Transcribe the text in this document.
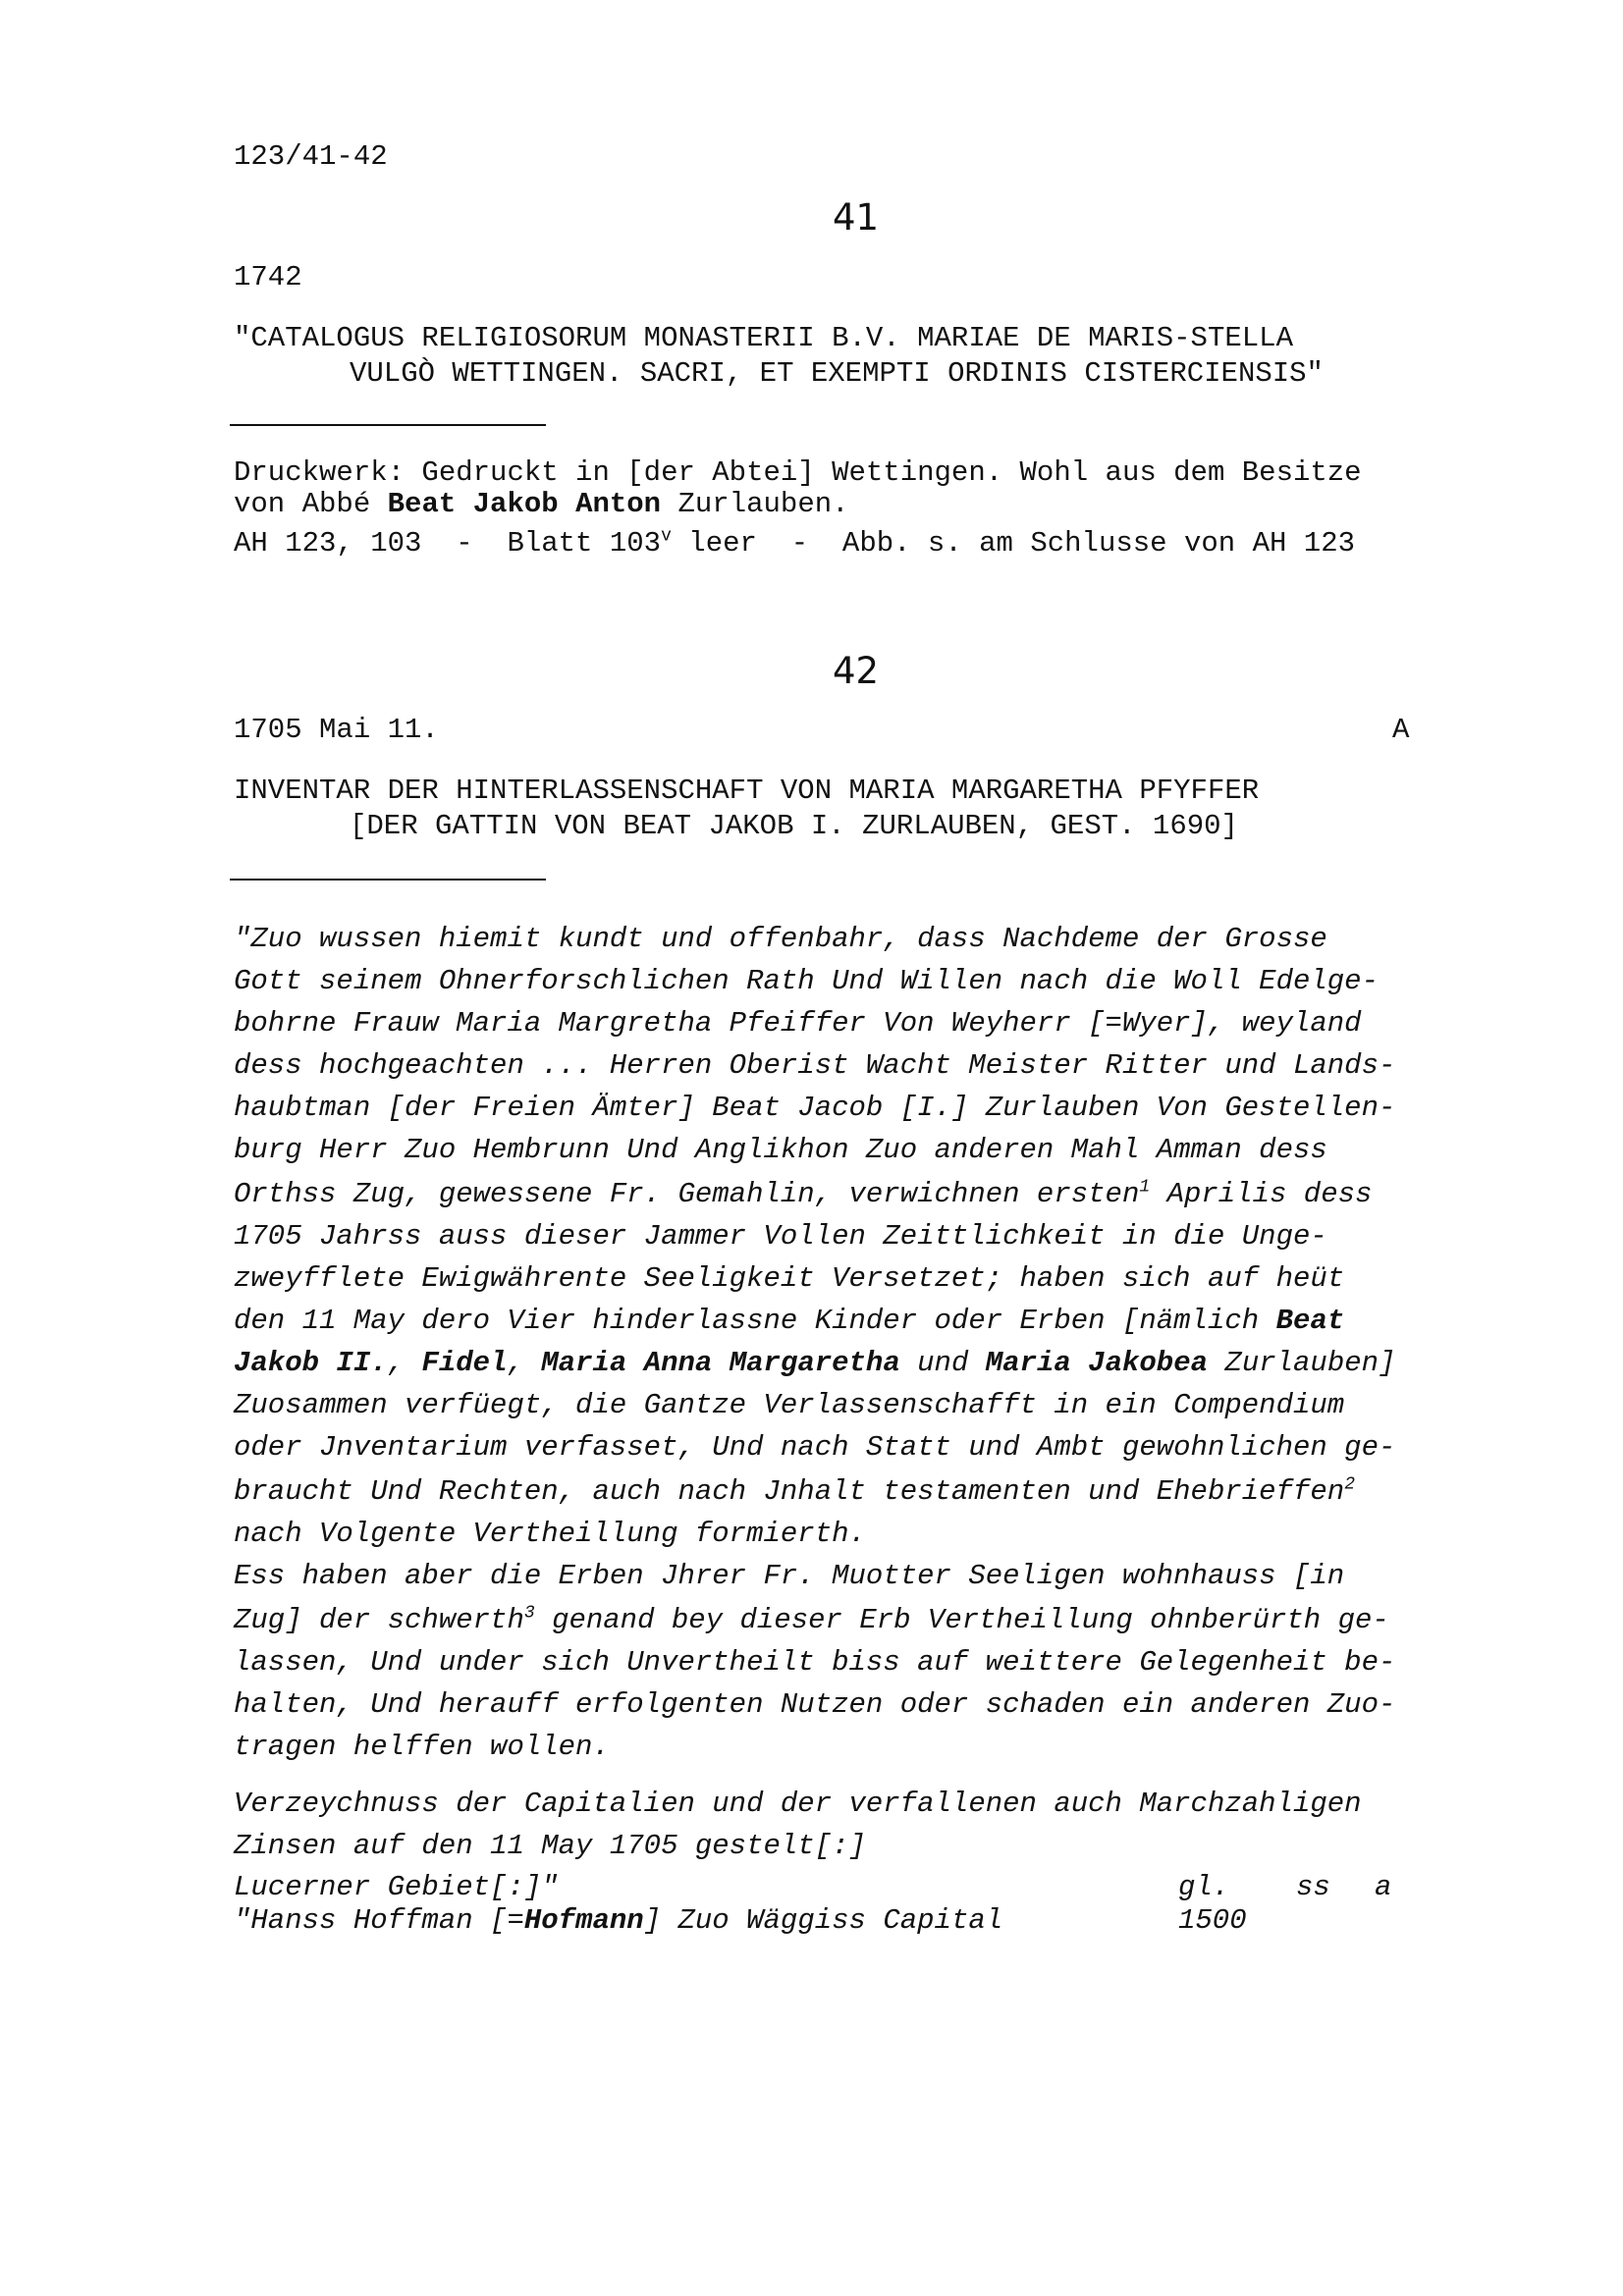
123/41-42
41
1742
"CATALOGUS RELIGIOSORUM MONASTERII B.V. MARIAE DE MARIS-STELLA
VULGÒ WETTINGEN. SACRI, ET EXEMPTI ORDINIS CISTERCIENSIS"
Druckwerk: Gedruckt in [der Abtei] Wettingen. Wohl aus dem Besitze
von Abbé Beat Jakob Anton Zurlauben.
AH 123, 103  -  Blatt 103$^v$ leer  -  Abb. s. am Schlusse von AH 123
42
1705 Mai 11.	A
INVENTAR DER HINTERLASSENSCHAFT VON MARIA MARGARETHA PFYFFER
[DER GATTIN VON BEAT JAKOB I. ZURLAUBEN, GEST. 1690]
"Zuo wussen hiemit kundt und offenbahr, dass Nachdeme der Grosse
Gott seinem Ohnerforschlichen Rath Und Willen nach die Woll Edelge-
bohrne Frauw Maria Margretha Pfeiffer Von Weyherr [=Wyer], weyland
dess hochgeachten ... Herren Oberist Wacht Meister Ritter und Lands-
haubtman [der Freien Ämter] Beat Jacob [I.] Zurlauben Von Gestellen-
burg Herr Zuo Hembrunn Und Anglikhon Zuo anderen Mahl Amman dess
Orthss Zug, gewessene Fr. Gemahlin, verwichnen ersten$^1$ Aprilis dess
1705 Jahrss auss dieser Jammer Vollen Zeittlichkeit in die Unge-
zweyfflete Ewigwährente Seeligkeit Versetzet; haben sich auf heüt
den 11 May dero Vier hinderlassne Kinder oder Erben [nämlich Beat
Jakob II., Fidel, Maria Anna Margaretha und Maria Jakobea Zurlauben]
Zuosammen verfüegt, die Gantze Verlassenschafft in ein Compendium
oder Jnventarium verfasset, Und nach Statt und Ambt gewohnlichen ge-
braucht Und Rechten, auch nach Jnhalt testamenten und Ehebrieffen$^2$
nach Volgente Vertheillung formierth.
Ess haben aber die Erben Jhrer Fr. Muotter Seeligen wohnhauss [in
Zug] der schwerth$^3$ genand bey dieser Erb Vertheillung ohnberürth ge-
lassen, Und under sich Unvertheilt biss auf weittere Gelegenheit be-
halten, Und herauff erfolgenten Nutzen oder schaden ein anderen Zuo-
tragen helffen wollen.
Verzeychnuss der Capitalien und der verfallenen auch Marchzahligen
Zinsen auf den 11 May 1705 gestelt[:]
Lucerner Gebiet[:]"	gl. ss a
"Hanss Hoffman [=Hofmann] Zuo Wäggiss Capital	1500
